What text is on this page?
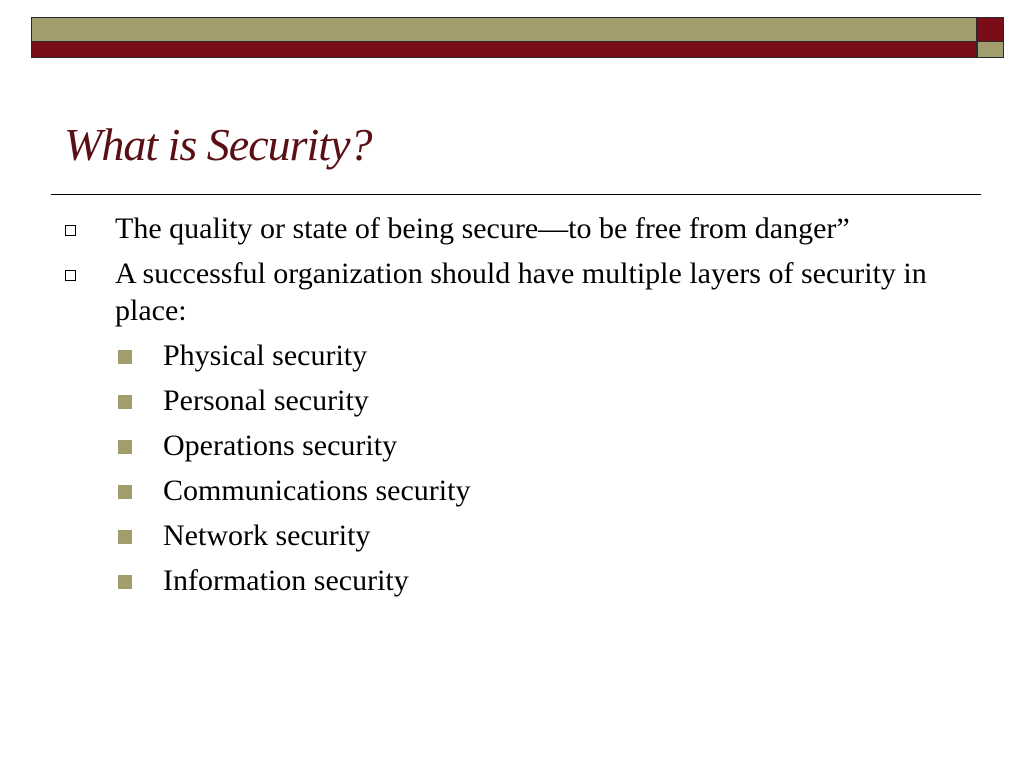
What is Security?
The quality or state of being secure—to be free from danger”
A successful organization should have multiple layers of security in place:
Physical security
Personal security
Operations security
Communications security
Network security
Information security
